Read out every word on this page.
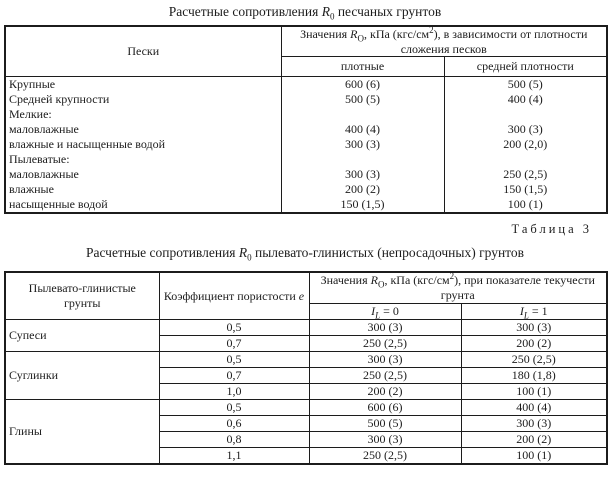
Расчетные сопротивления $R_0$ песчаных грунтов
Пески	Значения $R_О$, кПа $(кгс/см^2)$, в зависимости от плотности сложения песков	
	плотные	средней плотности
Крупные	600 (6)	500 (5)
Средней крупности	500 (5)	400 (4)
Мелкие:		
маловлажные	400 (4)	300 (3)
влажные и насыщенные водой	300 (3)	200 (2,0)
Пылеватые:		
маловлажные	300 (3)	250 (2,5)
влажные	200 (2)	150 (1,5)
насыщенные водой	150 (1,5)	100 (1)
Таблица 3
Расчетные сопротивления $R_0$ пылевато-глинистых (непросадочных) грунтов
Пылевато-глинистые грунты	Коэффициент пористости e	Значения $R_О$, кПа $(кгс/см^2)$, при показателе текучести грунта	
		$I_L = 0$	$I_L = 1$
Супеси	0,5	300 (3)	300 (3)
	0,7	250 (2,5)	200 (2)
Суглинки	0,5	300 (3)	250 (2,5)
	0,7	250 (2,5)	180 (1,8)
	1,0	200 (2)	100 (1)
Глины	0,5	600 (6)	400 (4)
	0,6	500 (5)	300 (3)
	0,8	300 (3)	200 (2)
	1,1	250 (2,5)	100 (1)
